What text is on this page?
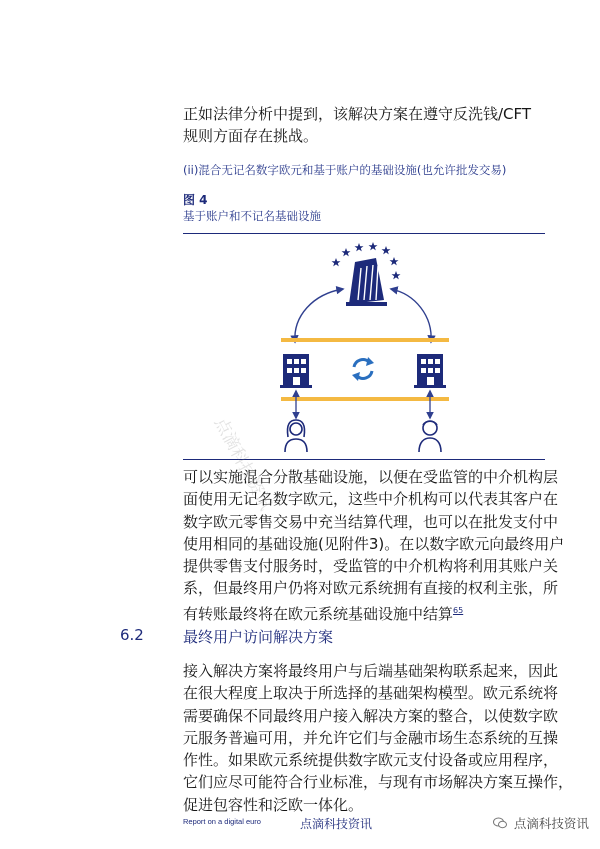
正如法律分析中提到，该解决方案在遵守反洗钱/CFT
规则方面存在挑战。
(ii)混合无记名数字欧元和基于账户的基础设施(也允许批发交易)
图 4
基于账户和不记名基础设施
可以实施混合分散基础设施，以便在受监管的中介机构层
面使用无记名数字欧元，这些中介机构可以代表其客户在
数字欧元零售交易中充当结算代理，也可以在批发支付中
使用相同的基础设施(见附件3)。在以数字欧元向最终用户
提供零售支付服务时，受监管的中介机构将利用其账户关
系，但最终用户仍将对欧元系统拥有直接的权利主张，所
有转账最终将在欧元系统基础设施中结算$^{65}$
6.2	最终用户访问解决方案
接入解决方案将最终用户与后端基础架构联系起来，因此
在很大程度上取决于所选择的基础架构模型。欧元系统将
需要确保不同最终用户接入解决方案的整合，以使数字欧
元服务普遍可用，并允许它们与金融市场生态系统的互操
作性。如果欧元系统提供数字欧元支付设备或应用程序，
它们应尽可能符合行业标准，与现有市场解决方案互操作，
促进包容性和泛欧一体化。
点滴科技资讯
Report on a digital euro	点滴科技资讯	点滴科技资讯
